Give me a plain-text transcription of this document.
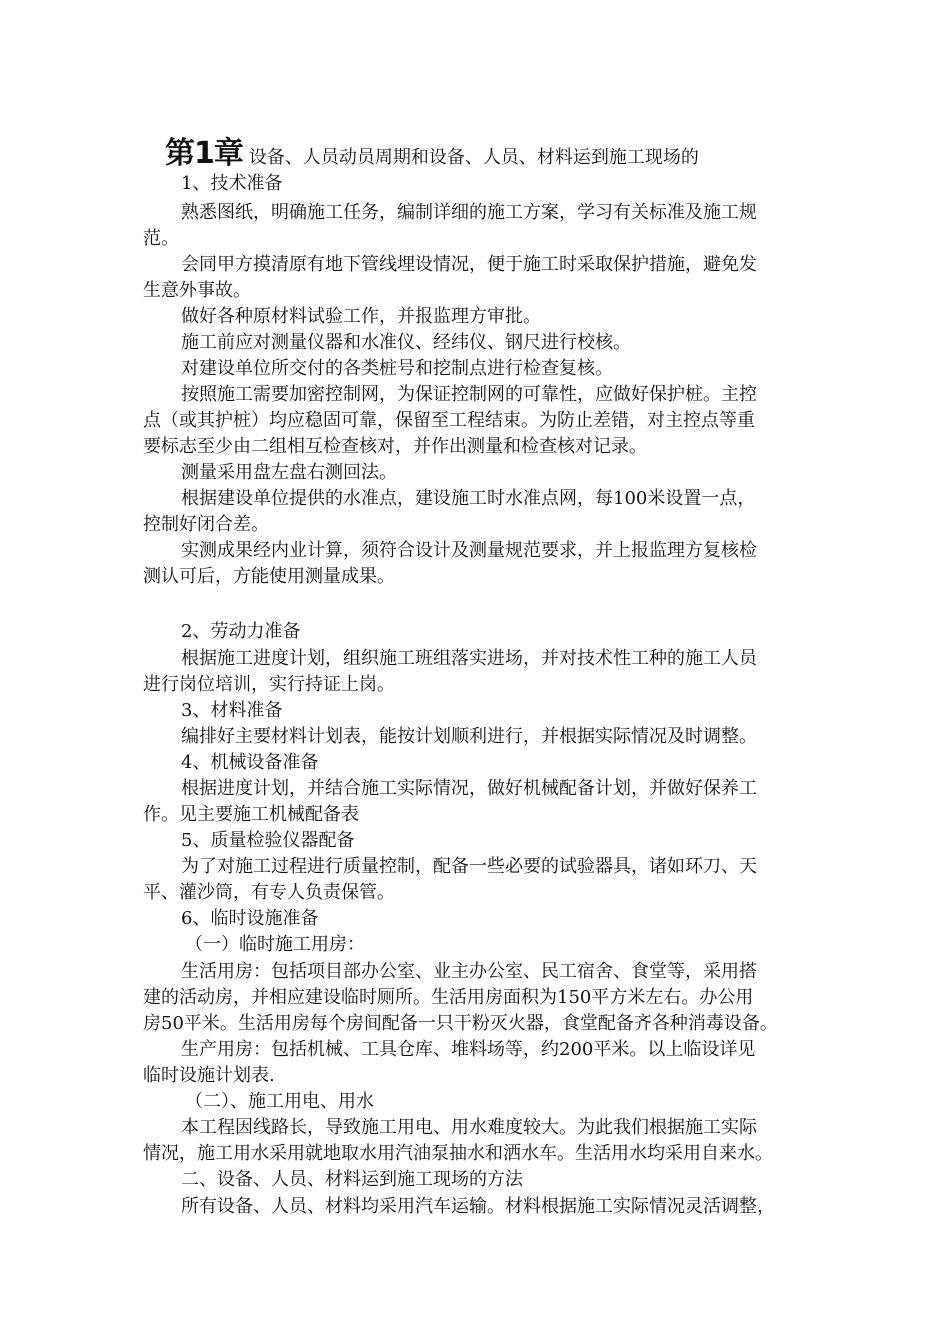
第1章 设备、人员动员周期和设备、人员、材料运到施工现场的
1、技术准备
熟悉图纸，明确施工任务，编制详细的施工方案，学习有关标准及施工规
范。
会同甲方摸清原有地下管线埋设情况，便于施工时采取保护措施，避免发
生意外事故。
做好各种原材料试验工作，并报监理方审批。
施工前应对测量仪器和水准仪、经纬仪、钢尺进行校核。
对建设单位所交付的各类桩号和挖制点进行检查复核。
按照施工需要加密控制网，为保证控制网的可靠性，应做好保护桩。主控
点（或其护桩）均应稳固可靠，保留至工程结束。为防止差错，对主控点等重
要标志至少由二组相互检查核对，并作出测量和检查核对记录。
测量采用盘左盘右测回法。
根据建设单位提供的水准点，建设施工时水准点网，每100米设置一点，
控制好闭合差。
实测成果经内业计算，须符合设计及测量规范要求，并上报监理方复核检
测认可后，方能使用测量成果。
2、劳动力准备
根据施工进度计划，组织施工班组落实进场，并对技术性工种的施工人员
进行岗位培训，实行持证上岗。
3、材料准备
编排好主要材料计划表，能按计划顺利进行，并根据实际情况及时调整。
4、机械设备准备
根据进度计划，并结合施工实际情况，做好机械配备计划，并做好保养工
作。见主要施工机械配备表
5、质量检验仪器配备
为了对施工过程进行质量控制，配备一些必要的试验器具，诸如环刀、天
平、灌沙筒，有专人负责保管。
6、临时设施准备
（一）临时施工用房：
生活用房：包括项目部办公室、业主办公室、民工宿舍、食堂等，采用搭
建的活动房，并相应建设临时厕所。生活用房面积为150平方米左右。办公用
房50平米。生活用房每个房间配备一只干粉灭火器，食堂配备齐各种消毒设备。
生产用房：包括机械、工具仓库、堆料场等，约200平米。以上临设详见
临时设施计划表.
（二）、施工用电、用水
本工程因线路长，导致施工用电、用水难度较大。为此我们根据施工实际
情况，施工用水采用就地取水用汽油泵抽水和洒水车。生活用水均采用自来水。
二、设备、人员、材料运到施工现场的方法
所有设备、人员、材料均采用汽车运输。材料根据施工实际情况灵活调整，
